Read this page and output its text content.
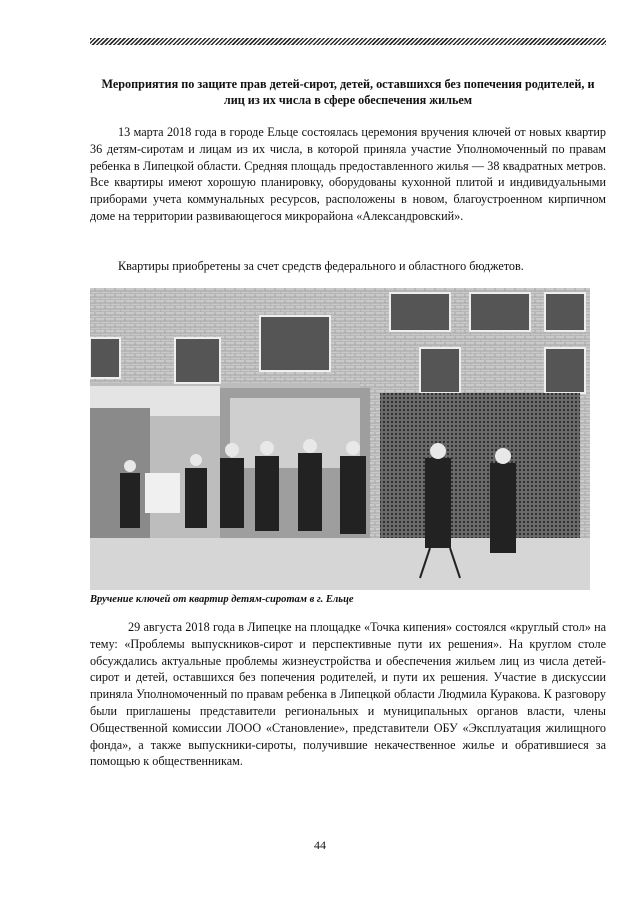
Мероприятия по защите прав детей-сирот, детей, оставшихся без попечения родителей, и лиц из их числа в сфере обеспечения жильем

13 марта 2018 года в городе Ельце состоялась церемония вручения ключей от новых квартир 36 детям-сиротам и лицам из их числа, в которой приняла участие Уполномоченный по правам ребенка в Липецкой области. Средняя площадь предоставленного жилья — 38 квадратных метров. Все квартиры имеют хорошую планировку, оборудованы кухонной плитой и индивидуальными приборами учета коммунальных ресурсов, расположены в новом, благоустроенном кирпичном доме на территории развивающегося микрорайона «Александровский».

Квартиры приобретены за счет средств федерального и областного бюджетов.

Вручение ключей от квартир детям-сиротам в г. Ельце

29 августа 2018 года в Липецке на площадке «Точка кипения» состоялся «круглый стол» на тему: «Проблемы выпускников-сирот и перспективные пути их решения». На круглом столе обсуждались актуальные проблемы жизнеустройства и обеспечения жильем лиц из числа детей-сирот и детей, оставшихся без попечения родителей, и пути их решения. Участие в дискуссии приняла Уполномоченный по правам ребенка в Липецкой области Людмила Куракова. К разговору были приглашены представители региональных и муниципальных органов власти, члены Общественной комиссии ЛООО «Становление», представители ОБУ «Эксплуатация жилищного фонда», а также выпускники-сироты, получившие некачественное жилье и обратившиеся за помощью к общественникам.

44
